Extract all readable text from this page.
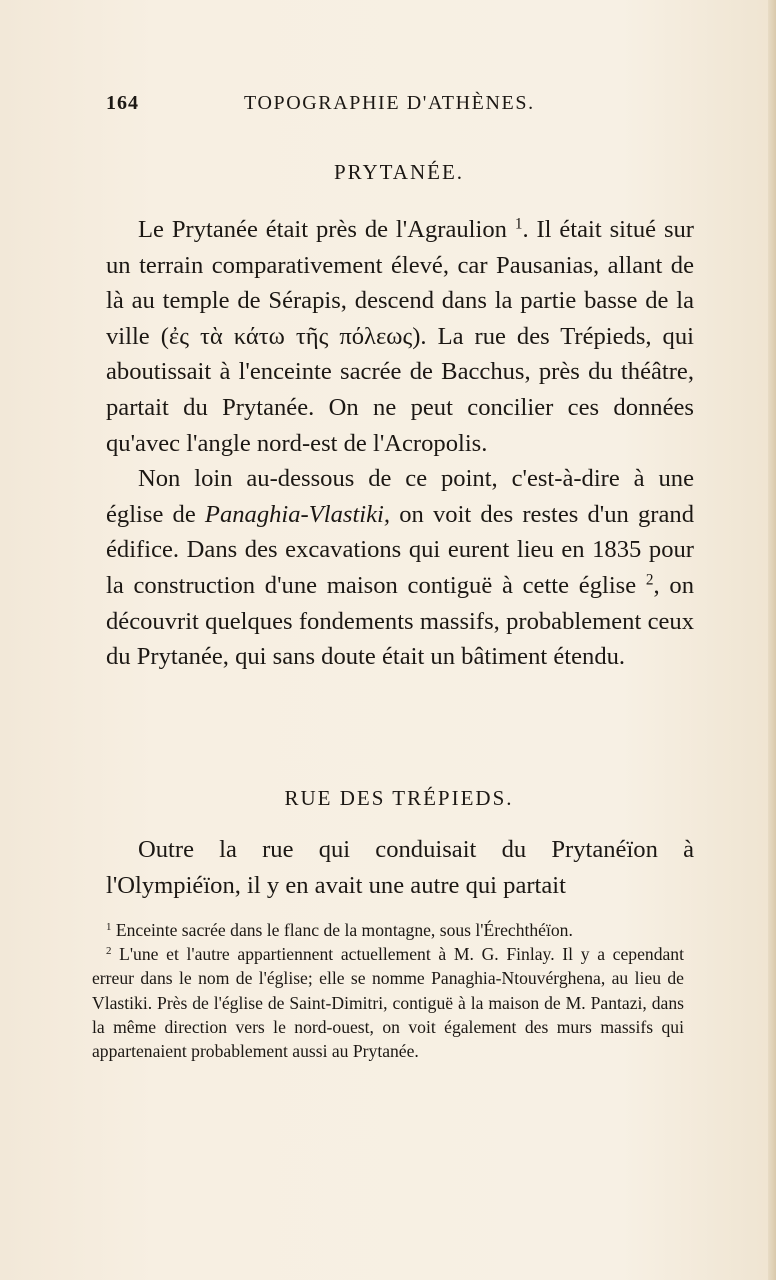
164	TOPOGRAPHIE D'ATHÈNES.
PRYTANÉE.

Le Prytanée était près de l'Agraulion $^1$. Il était situé sur un terrain comparativement élevé, car Pausanias, allant de là au temple de Sérapis, descend dans la partie basse de la ville (ἐς τὰ κάτω τῆς πόλεως). La rue des Trépieds, qui aboutissait à l'enceinte sacrée de Bacchus, près du théâtre, partait du Prytanée. On ne peut concilier ces données qu'avec l'angle nord-est de l'Acropolis.

Non loin au-dessous de ce point, c'est-à-dire à une église de Panaghia-Vlastiki, on voit des restes d'un grand édifice. Dans des excavations qui eurent lieu en 1835 pour la construction d'une maison contiguë à cette église $^2$, on découvrit quelques fondements massifs, probablement ceux du Prytanée, qui sans doute était un bâtiment étendu.

RUE DES TRÉPIEDS.

Outre la rue qui conduisait du Prytanéïon à l'Olympiéïon, il y en avait une autre qui partait

$^1$ Enceinte sacrée dans le flanc de la montagne, sous l'Érechthéïon.

$^2$ L'une et l'autre appartiennent actuellement à M. G. Finlay. Il y a cependant erreur dans le nom de l'église; elle se nomme Panaghia-Ntouvérghena, au lieu de Vlastiki. Près de l'église de Saint-Dimitri, contiguë à la maison de M. Pantazi, dans la même direction vers le nord-ouest, on voit également des murs massifs qui appartenaient probablement aussi au Prytanée.
